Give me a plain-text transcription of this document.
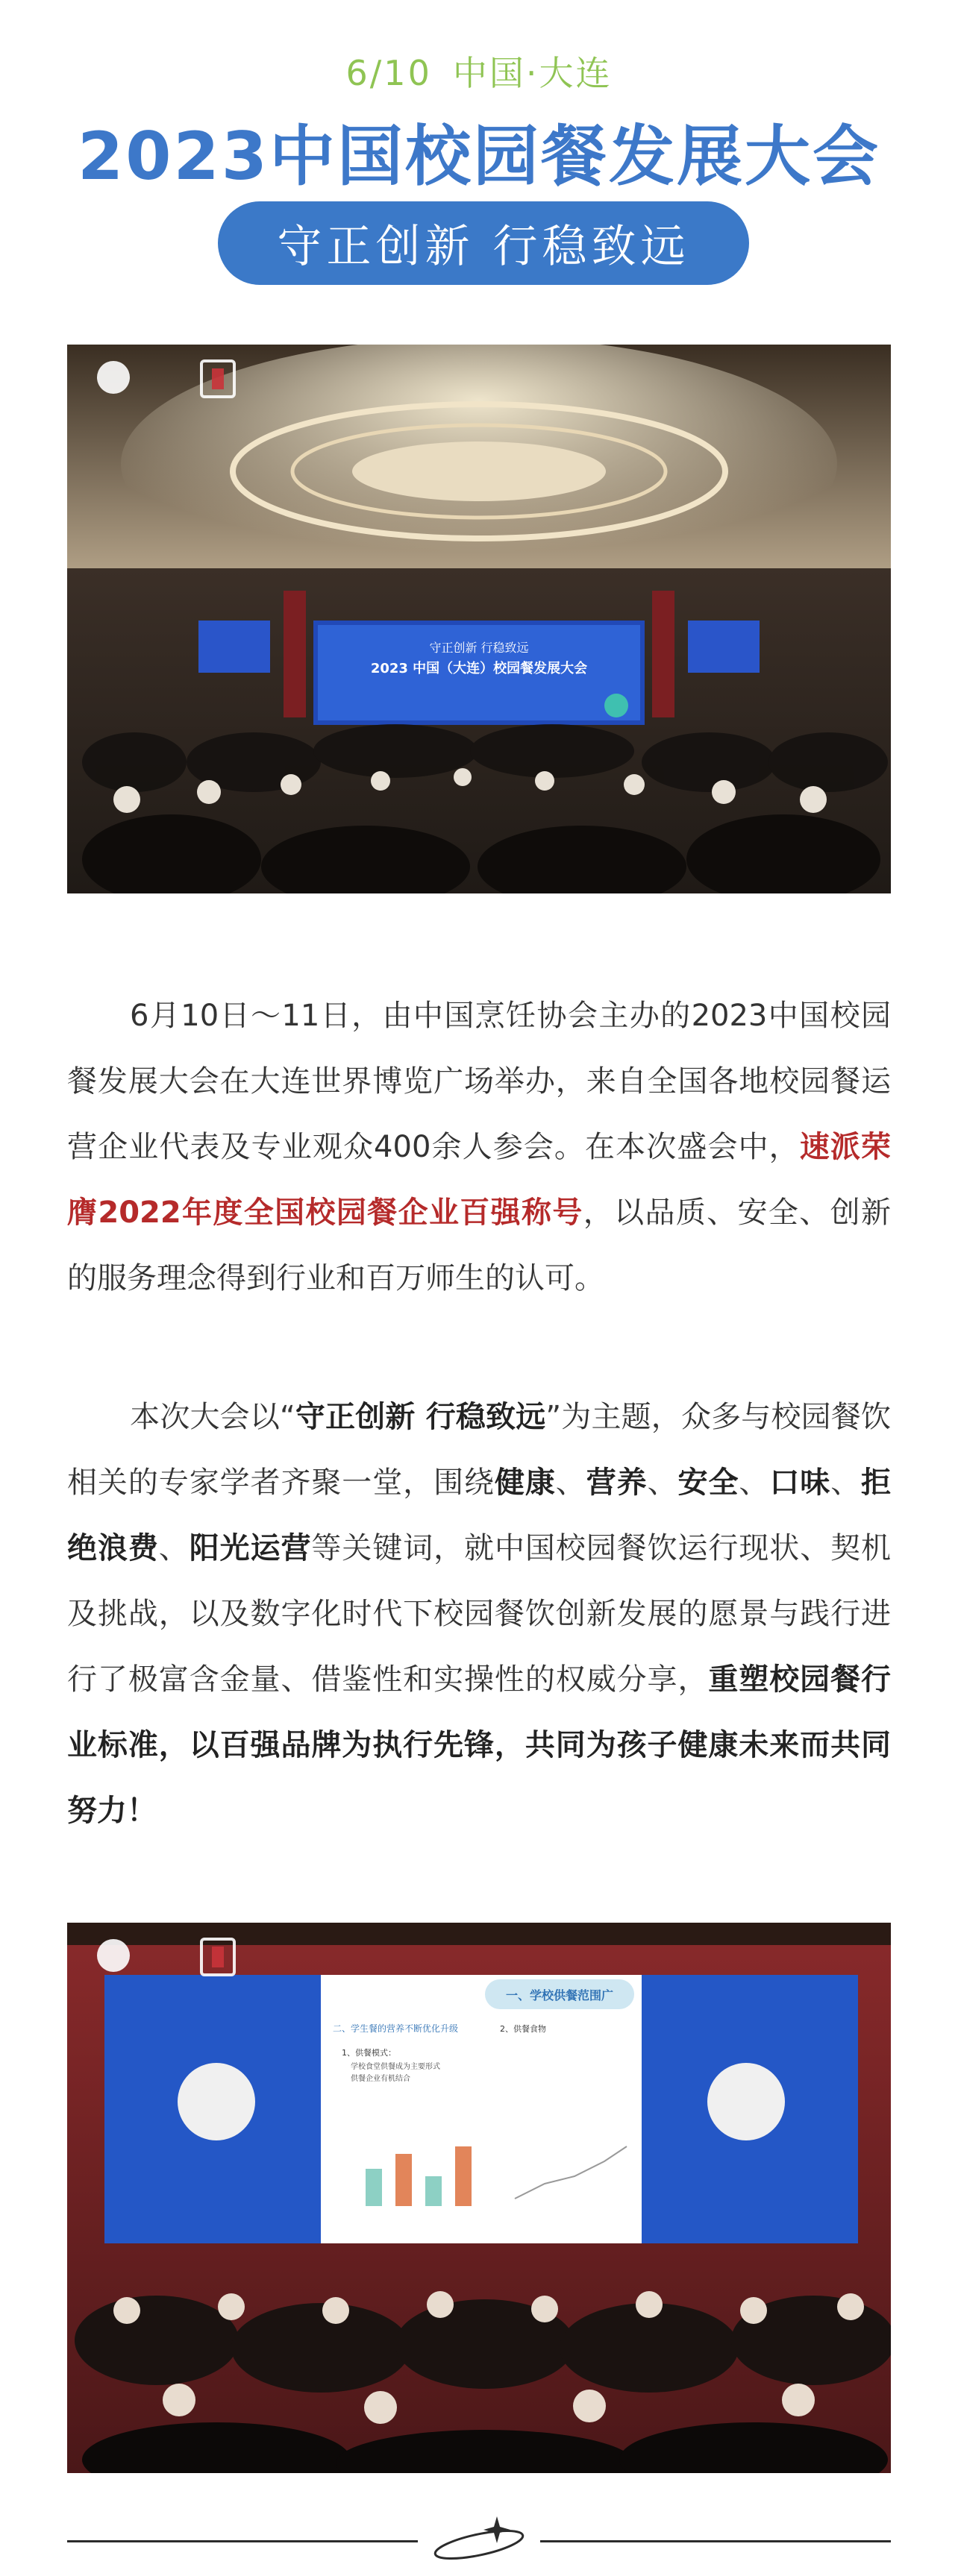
6/10 中国·大连
2023中国校园餐发展大会
守正创新 行稳致远
守正创新 行稳致远
2023 中国（大连）校园餐发展大会

6月10日～11日，由中国烹饪协会主办的2023中国校园餐发展大会在大连世界博览广场举办，来自全国各地校园餐运营企业代表及专业观众400余人参会。在本次盛会中，速派荣膺2022年度全国校园餐企业百强称号，以品质、安全、创新的服务理念得到行业和百万师生的认可。

本次大会以“守正创新 行稳致远”为主题，众多与校园餐饮相关的专家学者齐聚一堂，围绕健康、营养、安全、口味、拒绝浪费、阳光运营等关键词，就中国校园餐饮运行现状、契机及挑战，以及数字化时代下校园餐饮创新发展的愿景与践行进行了极富含金量、借鉴性和实操性的权威分享，重塑校园餐行业标准，以百强品牌为执行先锋，共同为孩子健康未来而共同努力！

一、学校供餐范围广
二、学生餐的营养不断优化升级
1、供餐模式：
学校食堂供餐成为主要形式
供餐企业有机结合
2、供餐食物
